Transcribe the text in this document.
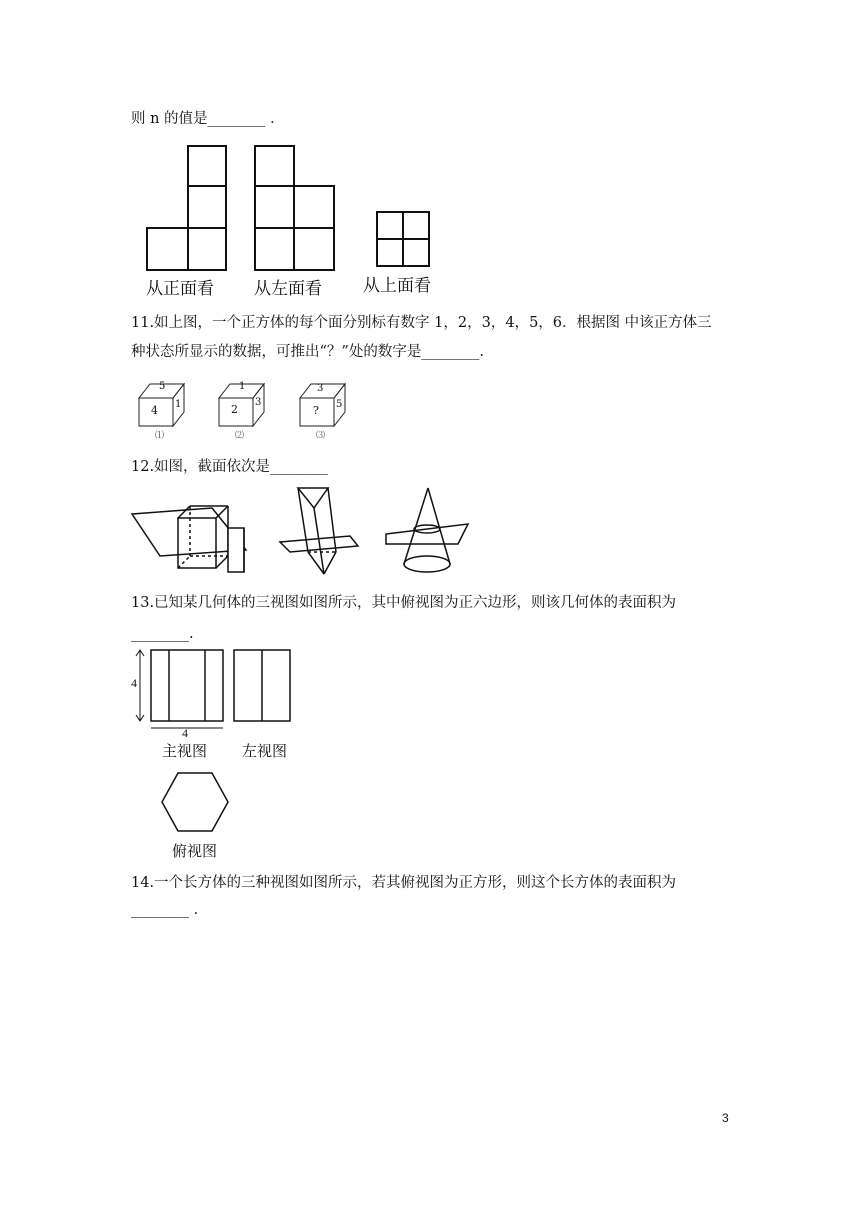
则 n 的值是________ ．
从正面看 从左面看 从上面看
11.如上图，一个正方体的每个面分别标有数字 1，2，3，4，5，6．根据图 中该正方体三
种状态所显示的数据，可推出“？”处的数字是________.
5
4 1
⑴
1
2
3
⑵
3
? 5
⑶
12.如图，截面依次是________
13.已知某几何体的三视图如图所示，其中俯视图为正六边形，则该几何体的表面积为
________.
4
4
主视图 左视图
俯视图
14.一个长方体的三种视图如图所示，若其俯视图为正方形，则这个长方体的表面积为
________ ．
3
